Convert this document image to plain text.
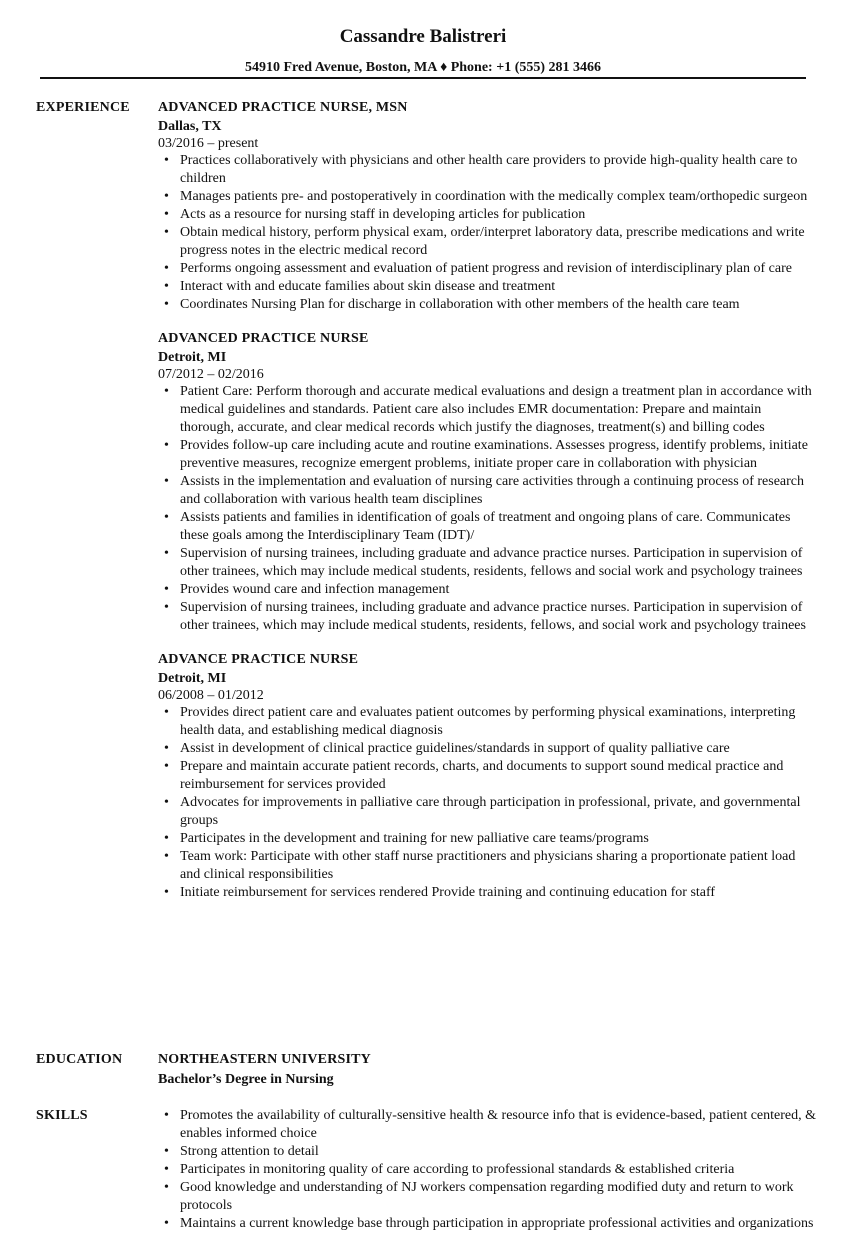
Cassandre Balistreri
54910 Fred Avenue, Boston, MA ♦ Phone: +1 (555) 281 3466
EXPERIENCE ADVANCED PRACTICE NURSE, MSN
Dallas, TX
03/2016 – present
• Practices collaboratively with physicians and other health care providers to provide high-quality health care to children
• Manages patients pre- and postoperatively in coordination with the medically complex team/orthopedic surgeon
• Acts as a resource for nursing staff in developing articles for publication
• Obtain medical history, perform physical exam, order/interpret laboratory data, prescribe medications and write progress notes in the electric medical record
• Performs ongoing assessment and evaluation of patient progress and revision of interdisciplinary plan of care
• Interact with and educate families about skin disease and treatment
• Coordinates Nursing Plan for discharge in collaboration with other members of the health care team
ADVANCED PRACTICE NURSE
Detroit, MI
07/2012 – 02/2016
• Patient Care: Perform thorough and accurate medical evaluations and design a treatment plan in accordance with medical guidelines and standards. Patient care also includes EMR documentation: Prepare and maintain thorough, accurate, and clear medical records which justify the diagnoses, treatment(s) and billing codes
• Provides follow-up care including acute and routine examinations. Assesses progress, identify problems, initiate preventive measures, recognize emergent problems, initiate proper care in collaboration with physician
• Assists in the implementation and evaluation of nursing care activities through a continuing process of research and collaboration with various health team disciplines
• Assists patients and families in identification of goals of treatment and ongoing plans of care. Communicates these goals among the Interdisciplinary Team (IDT)/
• Supervision of nursing trainees, including graduate and advance practice nurses. Participation in supervision of other trainees, which may include medical students, residents, fellows and social work and psychology trainees
• Provides wound care and infection management
• Supervision of nursing trainees, including graduate and advance practice nurses. Participation in supervision of other trainees, which may include medical students, residents, fellows, and social work and psychology trainees
ADVANCE PRACTICE NURSE
Detroit, MI
06/2008 – 01/2012
• Provides direct patient care and evaluates patient outcomes by performing physical examinations, interpreting health data, and establishing medical diagnosis
• Assist in development of clinical practice guidelines/standards in support of quality palliative care
• Prepare and maintain accurate patient records, charts, and documents to support sound medical practice and reimbursement for services provided
• Advocates for improvements in palliative care through participation in professional, private, and governmental groups
• Participates in the development and training for new palliative care teams/programs
• Team work: Participate with other staff nurse practitioners and physicians sharing a proportionate patient load and clinical responsibilities
• Initiate reimbursement for services rendered Provide training and continuing education for staff
EDUCATION	NORTHEASTERN UNIVERSITY
Bachelor’s Degree in Nursing
SKILLS
•	Promotes the availability of culturally-sensitive health & resource info that is evidence-based, patient centered, & enables informed choice
• Strong attention to detail
• Participates in monitoring quality of care according to professional standards & established criteria
• Good knowledge and understanding of NJ workers compensation regarding modified duty and return to work protocols
• Maintains a current knowledge base through participation in appropriate professional activities and organizations
